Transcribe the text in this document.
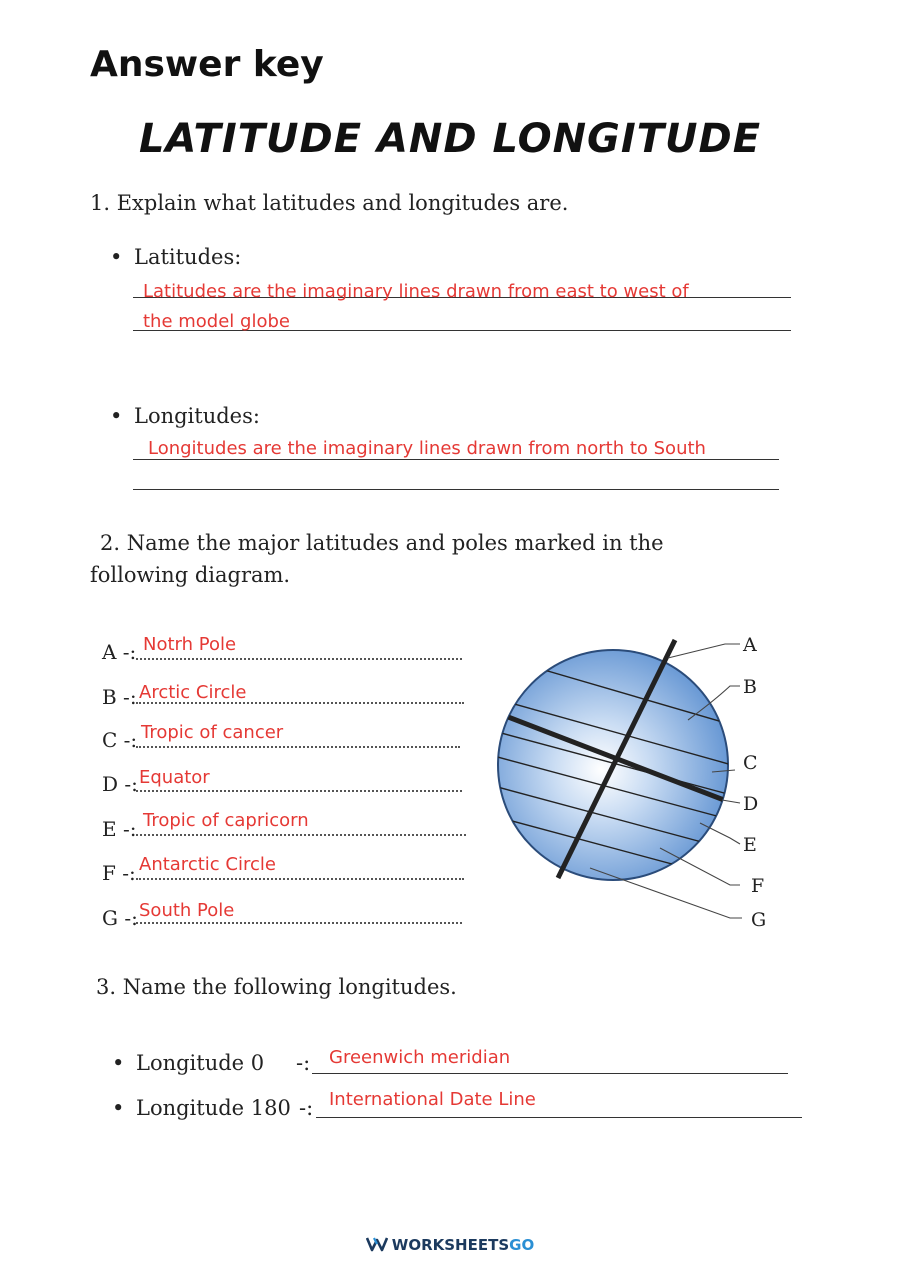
Answer key
LATITUDE AND LONGITUDE
1. Explain what latitudes and longitudes are.
• Latitudes:
Latitudes are the imaginary lines drawn from east to west of
the model globe
• Longitudes:
Longitudes are the imaginary lines drawn from north to South
2. Name the major latitudes and poles marked in the
following diagram.
A -: Notrh Pole
B -: Arctic Circle
C -: Tropic of cancer
D -: Equator
E -: Tropic of capricorn
F -: Antarctic Circle
G -: South Pole
A
B
C
D
E
F
G
3. Name the following longitudes.
• Longitude 0 -: Greenwich meridian
• Longitude 180 -: International Date Line
WORKSHEETSGO
